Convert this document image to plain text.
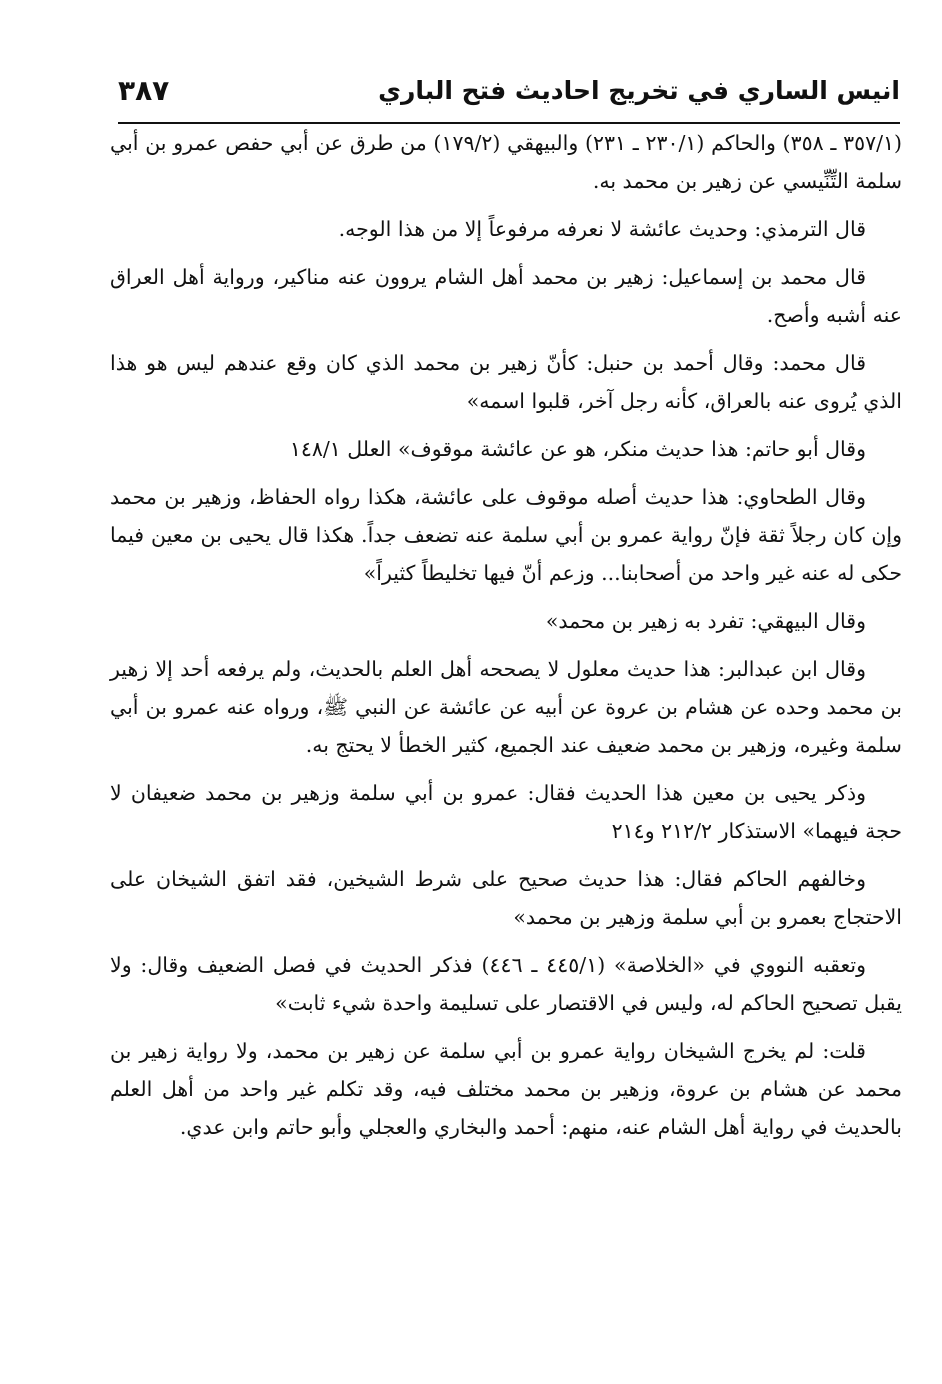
انيس الساري في تخريج احاديث فتح الباري
٣٨٧

(٣٥٧/١ ـ ٣٥٨) والحاكم (٢٣٠/١ ـ ٢٣١) والبيهقي (١٧٩/٢) من طرق عن أبي حفص عمرو بن أبي سلمة التِّنِّيسي عن زهير بن محمد به.

قال الترمذي: وحديث عائشة لا نعرفه مرفوعاً إلا من هذا الوجه.

قال محمد بن إسماعيل: زهير بن محمد أهل الشام يروون عنه مناكير، ورواية أهل العراق عنه أشبه وأصح.

قال محمد: وقال أحمد بن حنبل: كأنّ زهير بن محمد الذي كان وقع عندهم ليس هو هذا الذي يُروى عنه بالعراق، كأنه رجل آخر، قلبوا اسمه»

وقال أبو حاتم: هذا حديث منكر، هو عن عائشة موقوف» العلل ١٤٨/١

وقال الطحاوي: هذا حديث أصله موقوف على عائشة، هكذا رواه الحفاظ، وزهير بن محمد وإن كان رجلاً ثقة فإنّ رواية عمرو بن أبي سلمة عنه تضعف جداً. هكذا قال يحيى بن معين فيما حكى له عنه غير واحد من أصحابنا... وزعم أنّ فيها تخليطاً كثيراً»

وقال البيهقي: تفرد به زهير بن محمد»

وقال ابن عبدالبر: هذا حديث معلول لا يصححه أهل العلم بالحديث، ولم يرفعه أحد إلا زهير بن محمد وحده عن هشام بن عروة عن أبيه عن عائشة عن النبي ﷺ، ورواه عنه عمرو بن أبي سلمة وغيره، وزهير بن محمد ضعيف عند الجميع، كثير الخطأ لا يحتج به.

وذكر يحيى بن معين هذا الحديث فقال: عمرو بن أبي سلمة وزهير بن محمد ضعيفان لا حجة فيهما» الاستذكار ٢١٢/٢ و٢١٤

وخالفهم الحاكم فقال: هذا حديث صحيح على شرط الشيخين، فقد اتفق الشيخان على الاحتجاج بعمرو بن أبي سلمة وزهير بن محمد»

وتعقبه النووي في «الخلاصة» (٤٤٥/١ ـ ٤٤٦) فذكر الحديث في فصل الضعيف وقال: ولا يقبل تصحيح الحاكم له، وليس في الاقتصار على تسليمة واحدة شيء ثابت»

قلت: لم يخرج الشيخان رواية عمرو بن أبي سلمة عن زهير بن محمد، ولا رواية زهير بن محمد عن هشام بن عروة، وزهير بن محمد مختلف فيه، وقد تكلم غير واحد من أهل العلم بالحديث في رواية أهل الشام عنه، منهم: أحمد والبخاري والعجلي وأبو حاتم وابن عدي.
